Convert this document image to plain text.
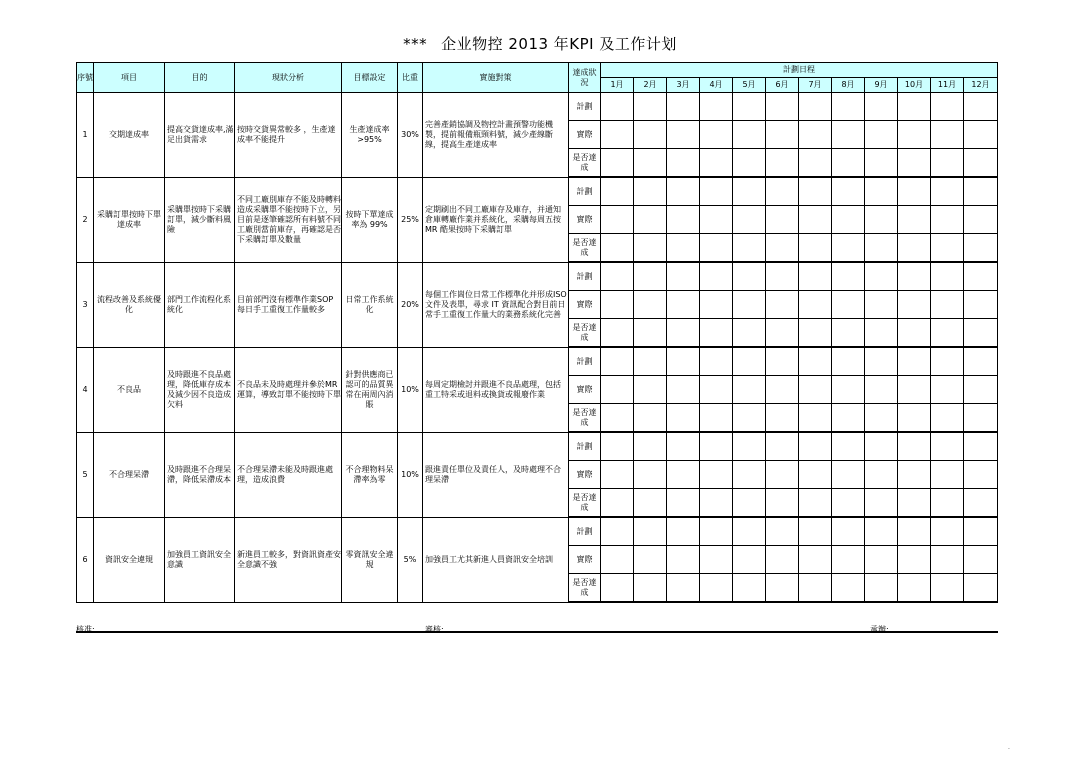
*** 企业物控 2013 年KPI 及工作计划
序號	項目	目的	現狀分析	目標設定	比重	實施對策	達成狀況	計劃日程											
								1月	2月	3月	4月	5月	6月	7月	8月	9月	10月	11月	12月
1	交期達成率	提高交貨達成率,滿足出貨需求	按時交貨異常較多 ，生產達成率不能提升	生產達成率>95%	30%	完善產銷協調及物控計畫預警功能機製，提前報備瓶頸料號，減少產線斷線，提高生產達成率	計劃												
							實際												
							是否達成												
2	采購訂單按時下單達成率	采購單按時下采購訂單，減少斷料風險	不同工廠別庫存不能及時轉料造成采購單不能按時下立，另目前是逐筆確認所有料號不同工廠別當前庫存，再確認是否下采購訂單及數量	按時下單達成率為 99%	25%	定期刷出不同工廠庫存及庫存，并通知倉庫轉廠作業并系統化，采購每周五按 MR 酷果按時下采購訂單	計劃												
							實際												
							是否達成												
3	流程改善及系統優化	部門工作流程化系統化	目前部門沒有標準作業SOP每日手工重復工作量較多	日常工作系統化	20%	每個工作崗位日常工作標準化并形成ISO文件及表單，尋求 IT 資訊配合對目前日常手工重復工作量大的業務系統化完善	計劃												
							實際												
							是否達成												
4	不良品	及時跟進不良品處理，降低庫存成本及減少因不良造成欠料	不良品未及時處理并參於MR運算，導致訂單不能按時下單	針對供應商已認可的品質異常在兩周內消賬	10%	每周定期檢討并跟進不良品處理，包括重工特采或退料或換貨或報廢作業	計劃												
							實際												
							是否達成												
5	不合理呆滯	及時跟進不合理呆滯，降低呆滯成本	不合理呆滯未能及時跟進處理，造成浪費	不合理物料呆滯率為零	10%	跟進責任單位及責任人，及時處理不合理呆滯	計劃												
							實際												
							是否達成												
6	資訊安全違規	加強員工資訊安全意識	新進員工較多，對資訊資產安全意識不強	零資訊安全違規	5%	加強員工尤其新進人員資訊安全培訓	計劃												
							實際												
							是否達成												
核准:	審核:	承辦:
.
